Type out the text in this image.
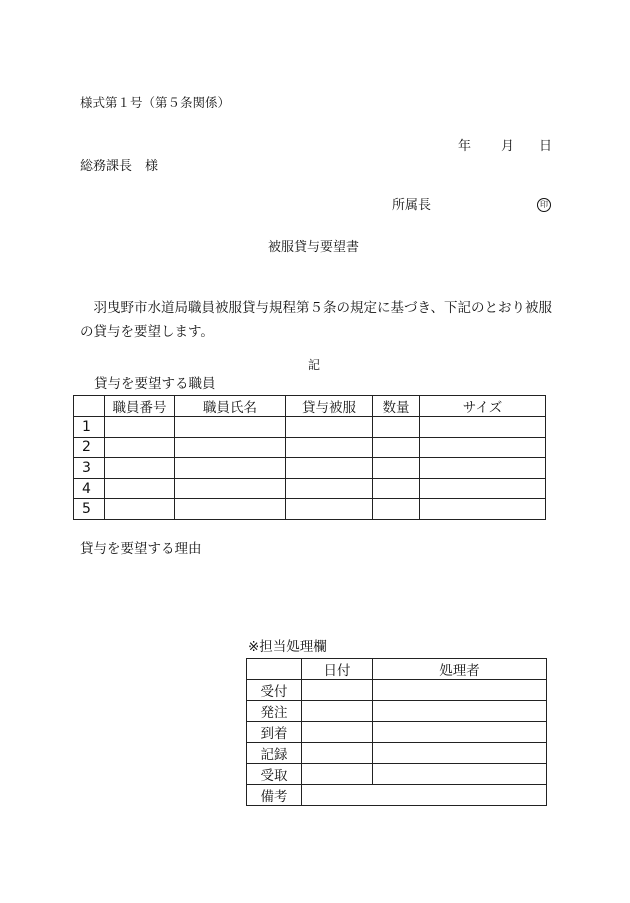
様式第１号（第５条関係）
年 月 日
総務課長　様
所属長	印
被服貸与要望書
　羽曳野市水道局職員被服貸与規程第５条の規定に基づき、下記のとおり被服の貸与を要望します。
記
貸与を要望する職員
	職員番号	職員氏名	貸与被服	数量	サイズ
1					
2					
3					
4					
5					
貸与を要望する理由
※担当処理欄
	日付	処理者
受付		
発注		
到着		
記録		
受取		
備考		
